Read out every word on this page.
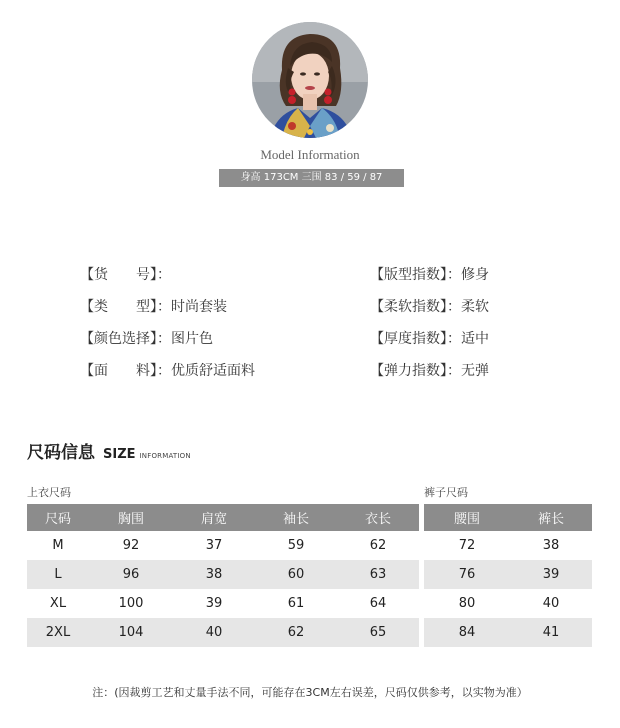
Model Information
身高 173CM 三围 83 / 59 / 87
【货　　号】：
【类　　型】：时尚套装
【颜色选择】：图片色
【面　　料】：优质舒适面料
【版型指数】：修身
【柔软指数】：柔软
【厚度指数】：适中
【弹力指数】：无弹
尺码信息 SIZE INFORMATION
上衣尺码	裤子尺码
尺码	胸围	肩宽	袖长	衣长
M	92	37	59	62
L	96	38	60	63
XL	100	39	61	64
2XL	104	40	62	65
腰围	裤长
72	38
76	39
80	40
84	41
注：(因裁剪工艺和丈量手法不同，可能存在3CM左右误差，尺码仅供参考，以实物为准）
